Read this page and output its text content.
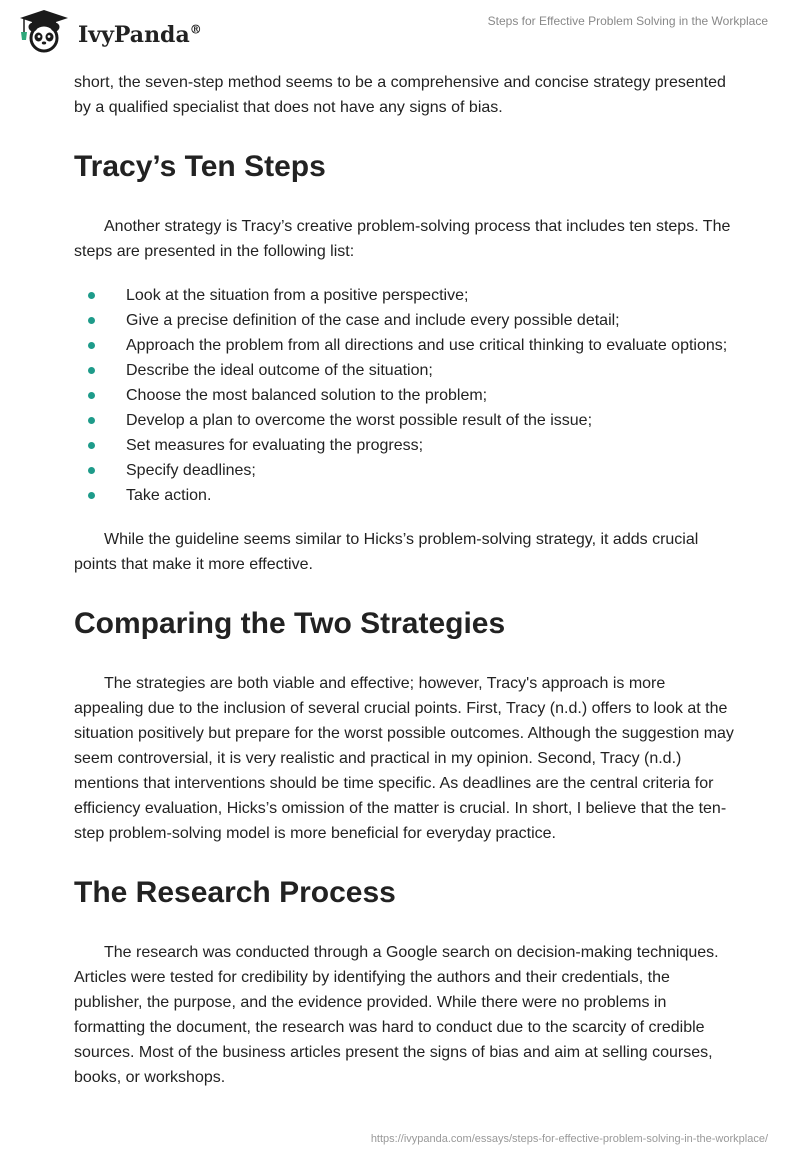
IvyPanda®
Steps for Effective Problem Solving in the Workplace

short, the seven-step method seems to be a comprehensive and concise strategy presented by a qualified specialist that does not have any signs of bias.

Tracy’s Ten Steps

Another strategy is Tracy’s creative problem-solving process that includes ten steps. The steps are presented in the following list:

Look at the situation from a positive perspective;
Give a precise definition of the case and include every possible detail;
Approach the problem from all directions and use critical thinking to evaluate options;
Describe the ideal outcome of the situation;
Choose the most balanced solution to the problem;
Develop a plan to overcome the worst possible result of the issue;
Set measures for evaluating the progress;
Specify deadlines;
Take action.

While the guideline seems similar to Hicks’s problem-solving strategy, it adds crucial points that make it more effective.

Comparing the Two Strategies

The strategies are both viable and effective; however, Tracy's approach is more appealing due to the inclusion of several crucial points. First, Tracy (n.d.) offers to look at the situation positively but prepare for the worst possible outcomes. Although the suggestion may seem controversial, it is very realistic and practical in my opinion. Second, Tracy (n.d.) mentions that interventions should be time specific. As deadlines are the central criteria for efficiency evaluation, Hicks’s omission of the matter is crucial. In short, I believe that the ten-step problem-solving model is more beneficial for everyday practice.

The Research Process

The research was conducted through a Google search on decision-making techniques. Articles were tested for credibility by identifying the authors and their credentials, the publisher, the purpose, and the evidence provided. While there were no problems in formatting the document, the research was hard to conduct due to the scarcity of credible sources. Most of the business articles present the signs of bias and aim at selling courses, books, or workshops.

https://ivypanda.com/essays/steps-for-effective-problem-solving-in-the-workplace/
